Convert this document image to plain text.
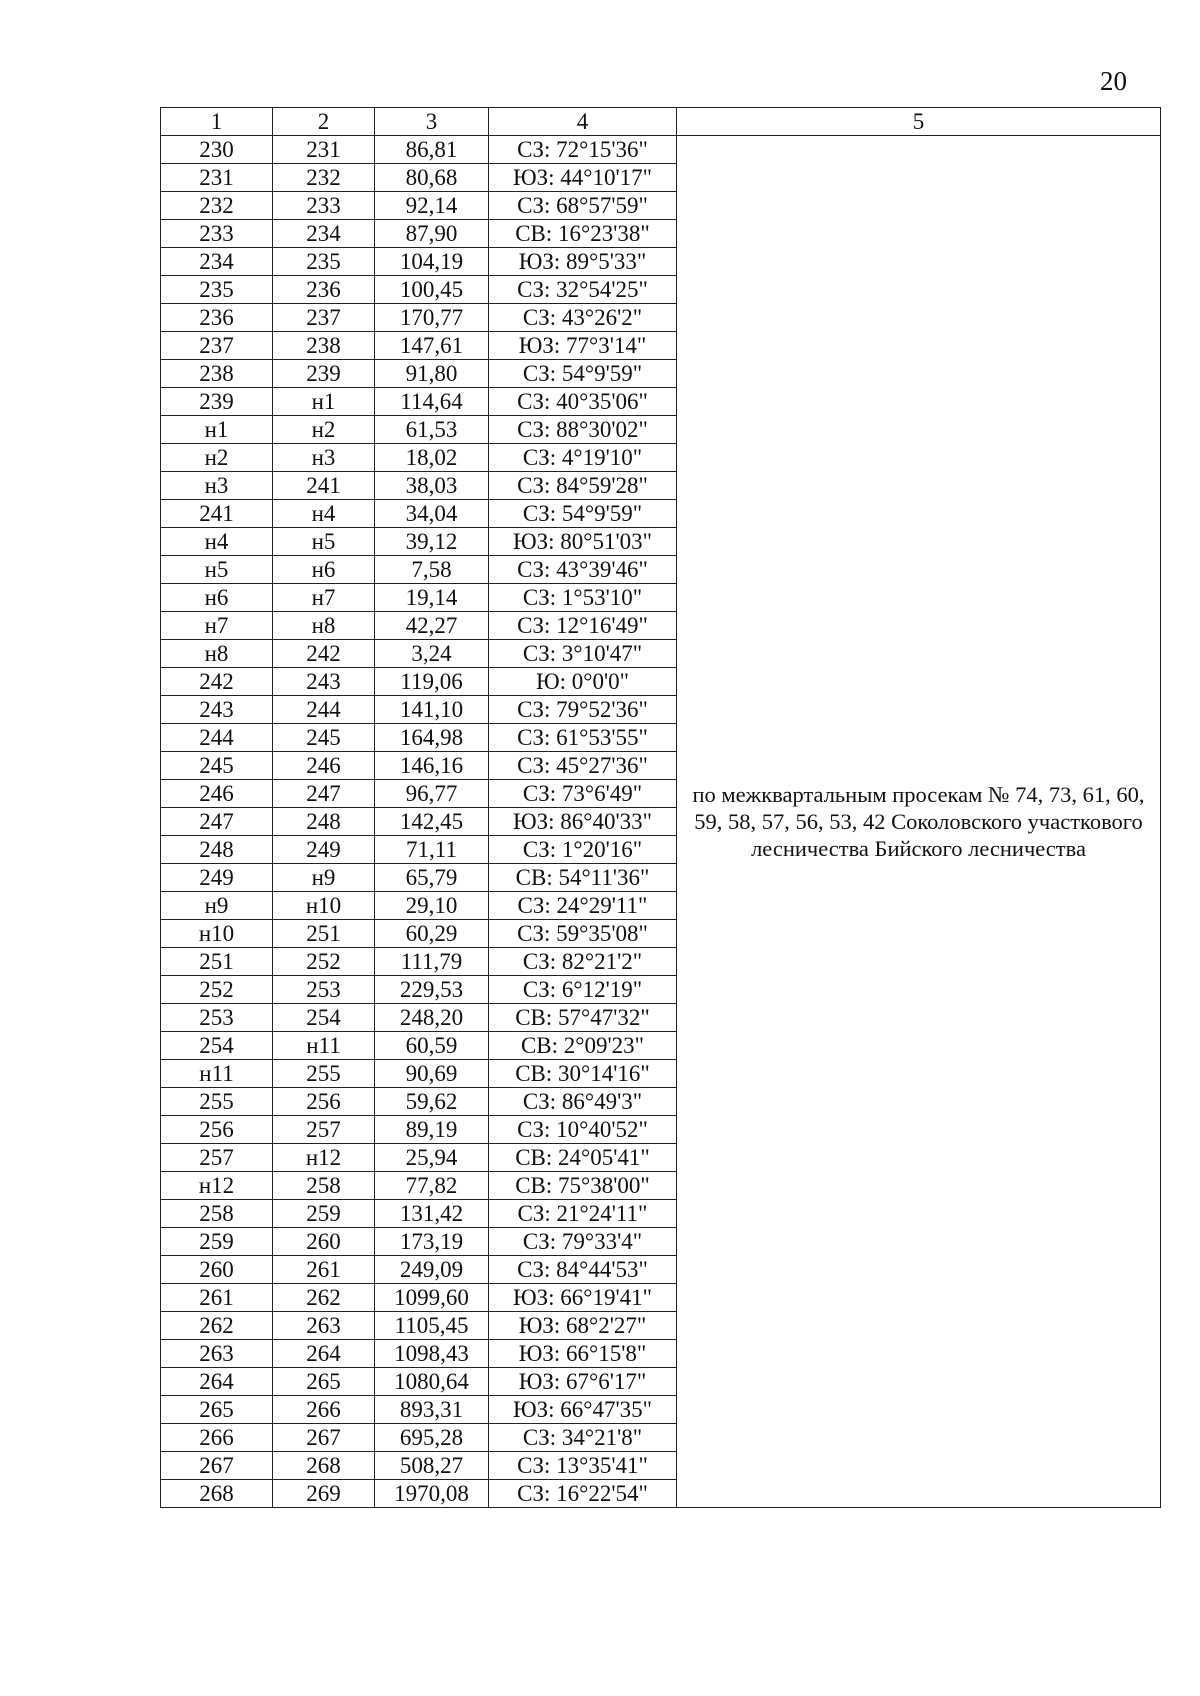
20
1	2	3	4	5
230	231	86,81	СЗ: 72°15'36"	по межквартальным просекам № 74, 73, 61, 60, 59, 58, 57, 56, 53, 42 Соколовского участкового лесничества Бийского лесничества
231	232	80,68	ЮЗ: 44°10'17"	
232	233	92,14	СЗ: 68°57'59"	
233	234	87,90	СВ: 16°23'38"	
234	235	104,19	ЮЗ: 89°5'33"	
235	236	100,45	СЗ: 32°54'25"	
236	237	170,77	СЗ: 43°26'2"	
237	238	147,61	ЮЗ: 77°3'14"	
238	239	91,80	СЗ: 54°9'59"	
239	н1	114,64	СЗ: 40°35'06"	
н1	н2	61,53	СЗ: 88°30'02"	
н2	н3	18,02	СЗ: 4°19'10"	
н3	241	38,03	СЗ: 84°59'28"	
241	н4	34,04	СЗ: 54°9'59"	
н4	н5	39,12	ЮЗ: 80°51'03"	
н5	н6	7,58	СЗ: 43°39'46"	
н6	н7	19,14	СЗ: 1°53'10"	
н7	н8	42,27	СЗ: 12°16'49"	
н8	242	3,24	СЗ: 3°10'47"	
242	243	119,06	Ю: 0°0'0"	
243	244	141,10	СЗ: 79°52'36"	
244	245	164,98	СЗ: 61°53'55"	
245	246	146,16	СЗ: 45°27'36"	
246	247	96,77	СЗ: 73°6'49"	
247	248	142,45	ЮЗ: 86°40'33"	
248	249	71,11	СЗ: 1°20'16"	
249	н9	65,79	СВ: 54°11'36"	
н9	н10	29,10	СЗ: 24°29'11"	
н10	251	60,29	СЗ: 59°35'08"	
251	252	111,79	СЗ: 82°21'2"	
252	253	229,53	СЗ: 6°12'19"	
253	254	248,20	СВ: 57°47'32"	
254	н11	60,59	СВ: 2°09'23"	
н11	255	90,69	СВ: 30°14'16"	
255	256	59,62	СЗ: 86°49'3"	
256	257	89,19	СЗ: 10°40'52"	
257	н12	25,94	СВ: 24°05'41"	
н12	258	77,82	СВ: 75°38'00"	
258	259	131,42	СЗ: 21°24'11"	
259	260	173,19	СЗ: 79°33'4"	
260	261	249,09	СЗ: 84°44'53"	
261	262	1099,60	ЮЗ: 66°19'41"	
262	263	1105,45	ЮЗ: 68°2'27"	
263	264	1098,43	ЮЗ: 66°15'8"	
264	265	1080,64	ЮЗ: 67°6'17"	
265	266	893,31	ЮЗ: 66°47'35"	
266	267	695,28	СЗ: 34°21'8"	
267	268	508,27	СЗ: 13°35'41"	
268	269	1970,08	СЗ: 16°22'54"	
